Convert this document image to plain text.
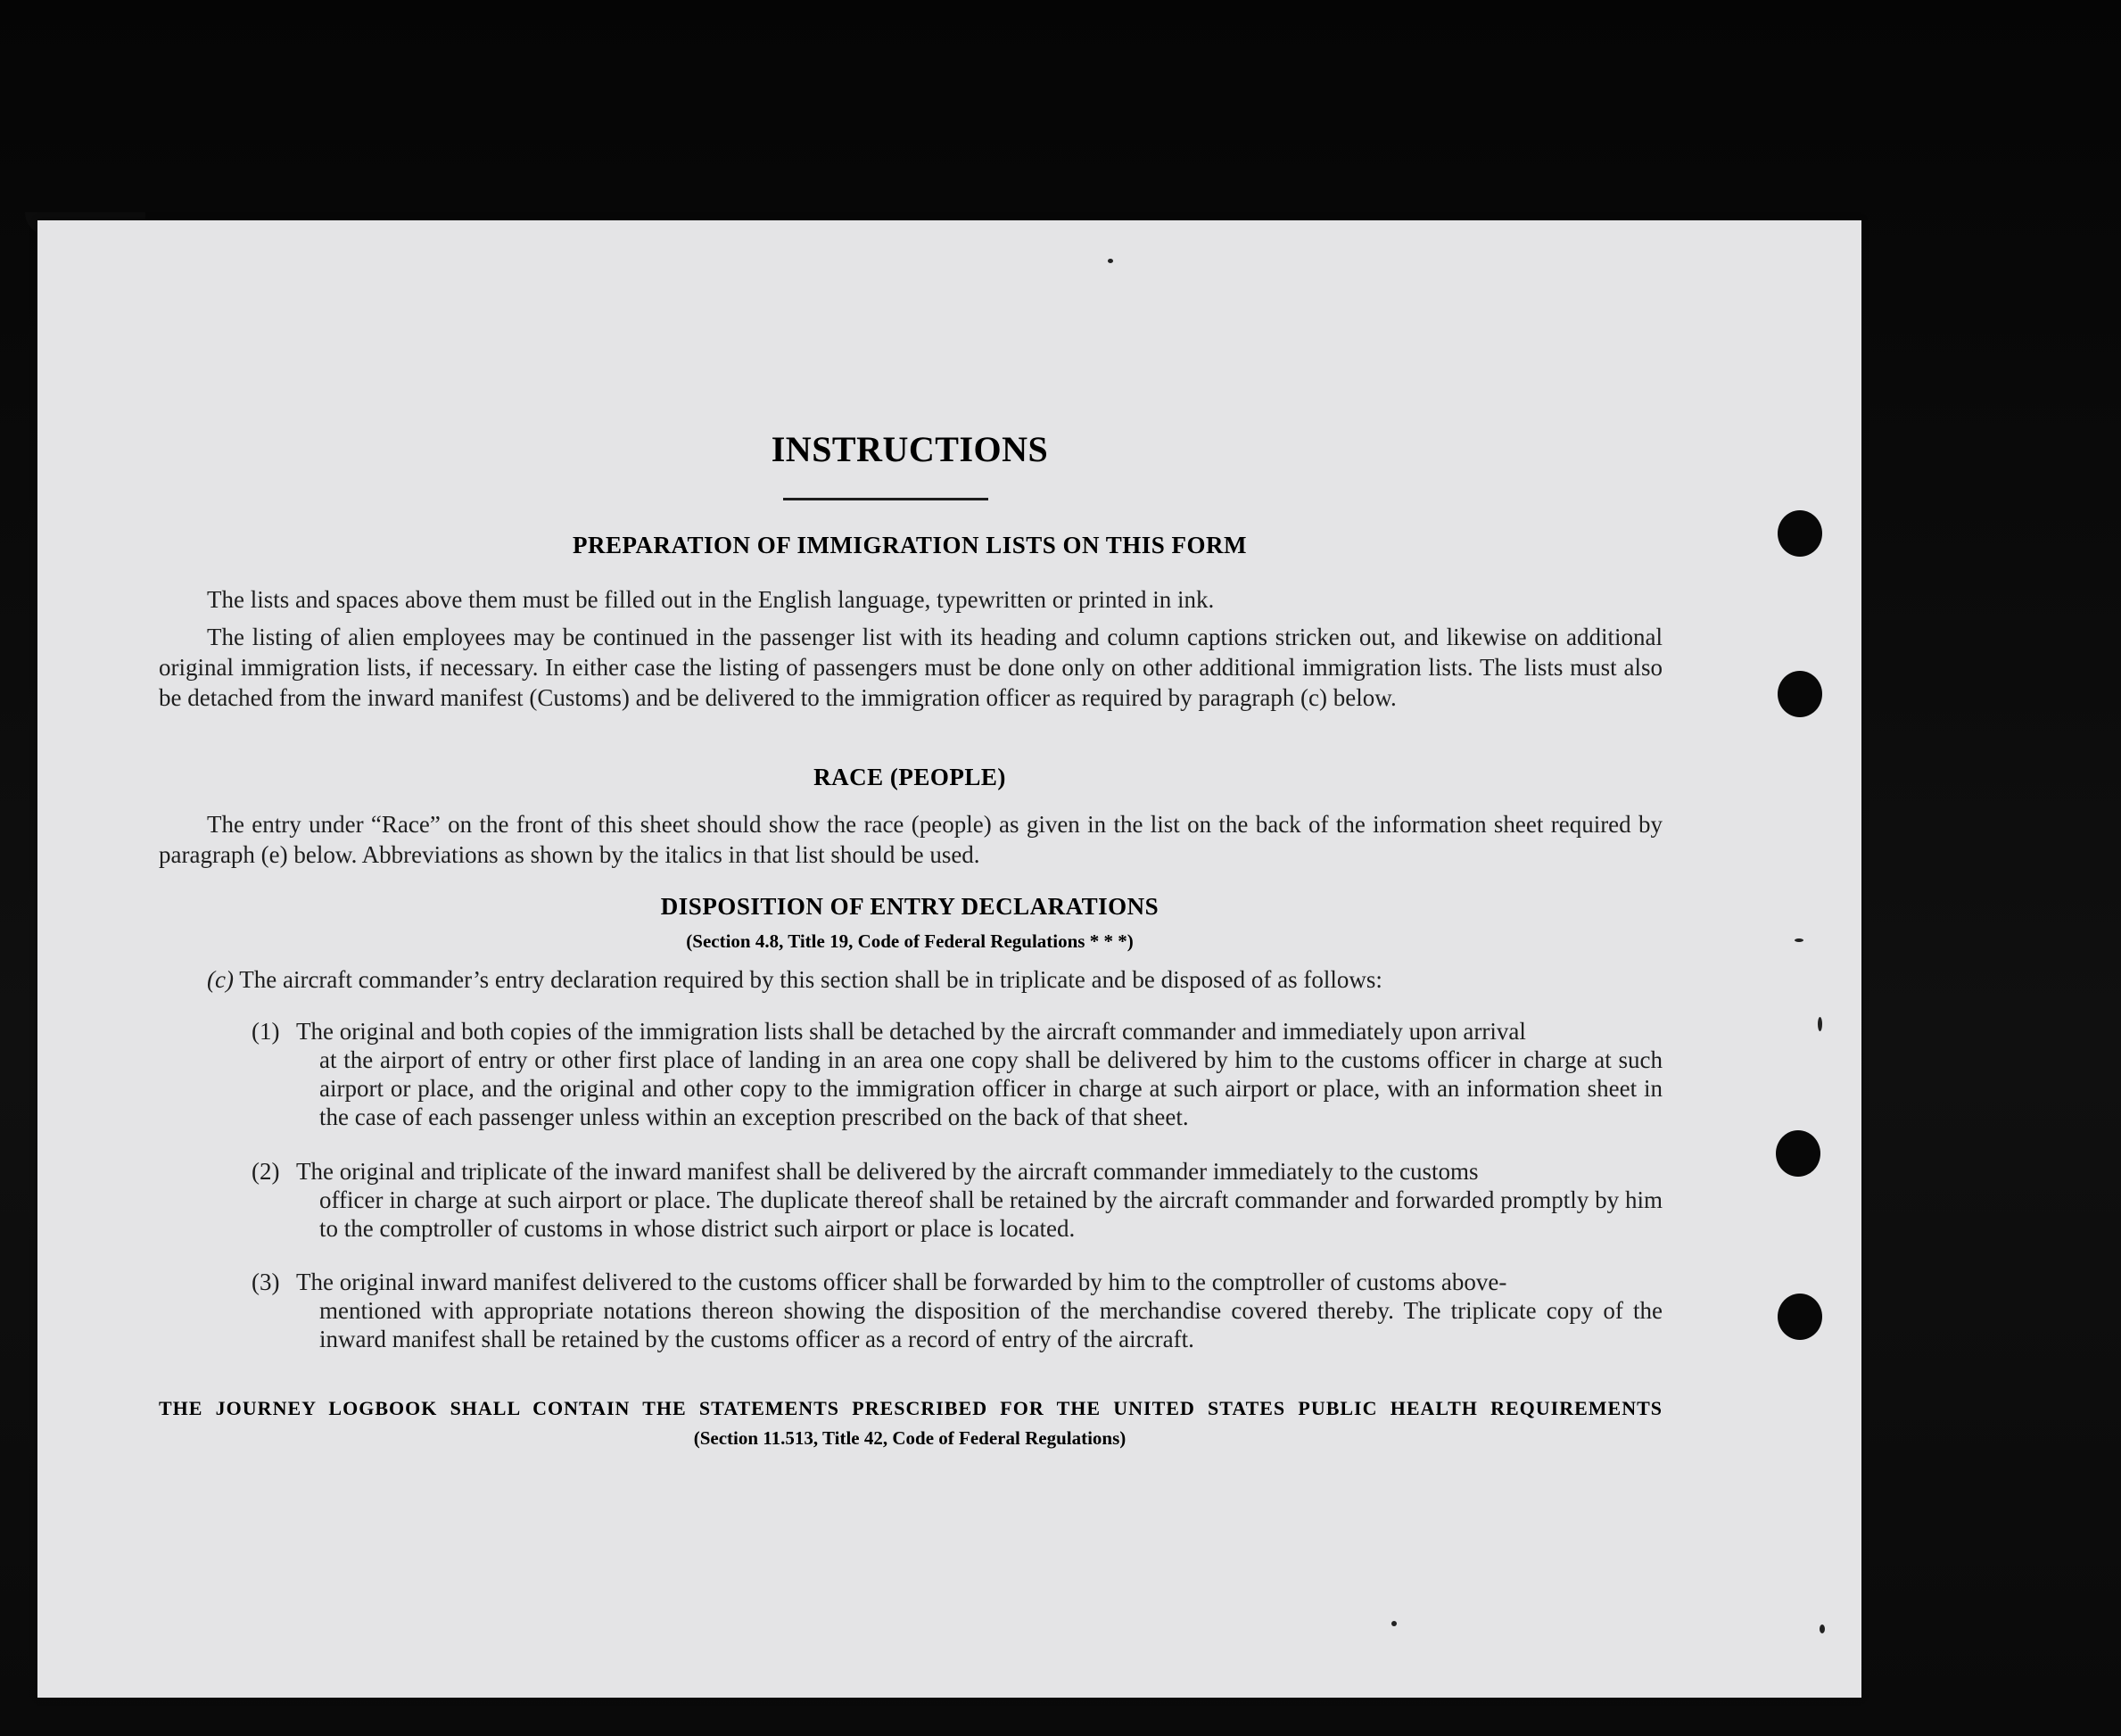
INSTRUCTIONS
PREPARATION OF IMMIGRATION LISTS ON THIS FORM
The lists and spaces above them must be filled out in the English language, typewritten or printed in ink.
The listing of alien employees may be continued in the passenger list with its heading and column captions stricken out, and likewise on additional original immigration lists, if necessary. In either case the listing of passengers must be done only on other additional immigration lists. The lists must also be detached from the inward manifest (Customs) and be delivered to the immigration officer as required by paragraph (c) below.
RACE (PEOPLE)
The entry under “Race” on the front of this sheet should show the race (people) as given in the list on the back of the information sheet required by paragraph (e) below. Abbreviations as shown by the italics in that list should be used.
DISPOSITION OF ENTRY DECLARATIONS
(Section 4.8, Title 19, Code of Federal Regulations * * *)
(c) The aircraft commander’s entry declaration required by this section shall be in triplicate and be disposed of as follows:
(1) The original and both copies of the immigration lists shall be detached by the aircraft commander and immediately upon arrival
at the airport of entry or other first place of landing in an area one copy shall be delivered by him to the customs officer in charge at such airport or place, and the original and other copy to the immigration officer in charge at such airport or place, with an information sheet in the case of each passenger unless within an exception prescribed on the back of that sheet.
(2) The original and triplicate of the inward manifest shall be delivered by the aircraft commander immediately to the customs
officer in charge at such airport or place. The duplicate thereof shall be retained by the aircraft commander and forwarded promptly by him to the comptroller of customs in whose district such airport or place is located.
(3) The original inward manifest delivered to the customs officer shall be forwarded by him to the comptroller of customs above-
mentioned with appropriate notations thereon showing the disposition of the merchandise covered thereby. The triplicate copy of the inward manifest shall be retained by the customs officer as a record of entry of the aircraft.
THE JOURNEY LOGBOOK SHALL CONTAIN THE STATEMENTS PRESCRIBED FOR THE UNITED STATES PUBLIC HEALTH REQUIREMENTS
(Section 11.513, Title 42, Code of Federal Regulations)
